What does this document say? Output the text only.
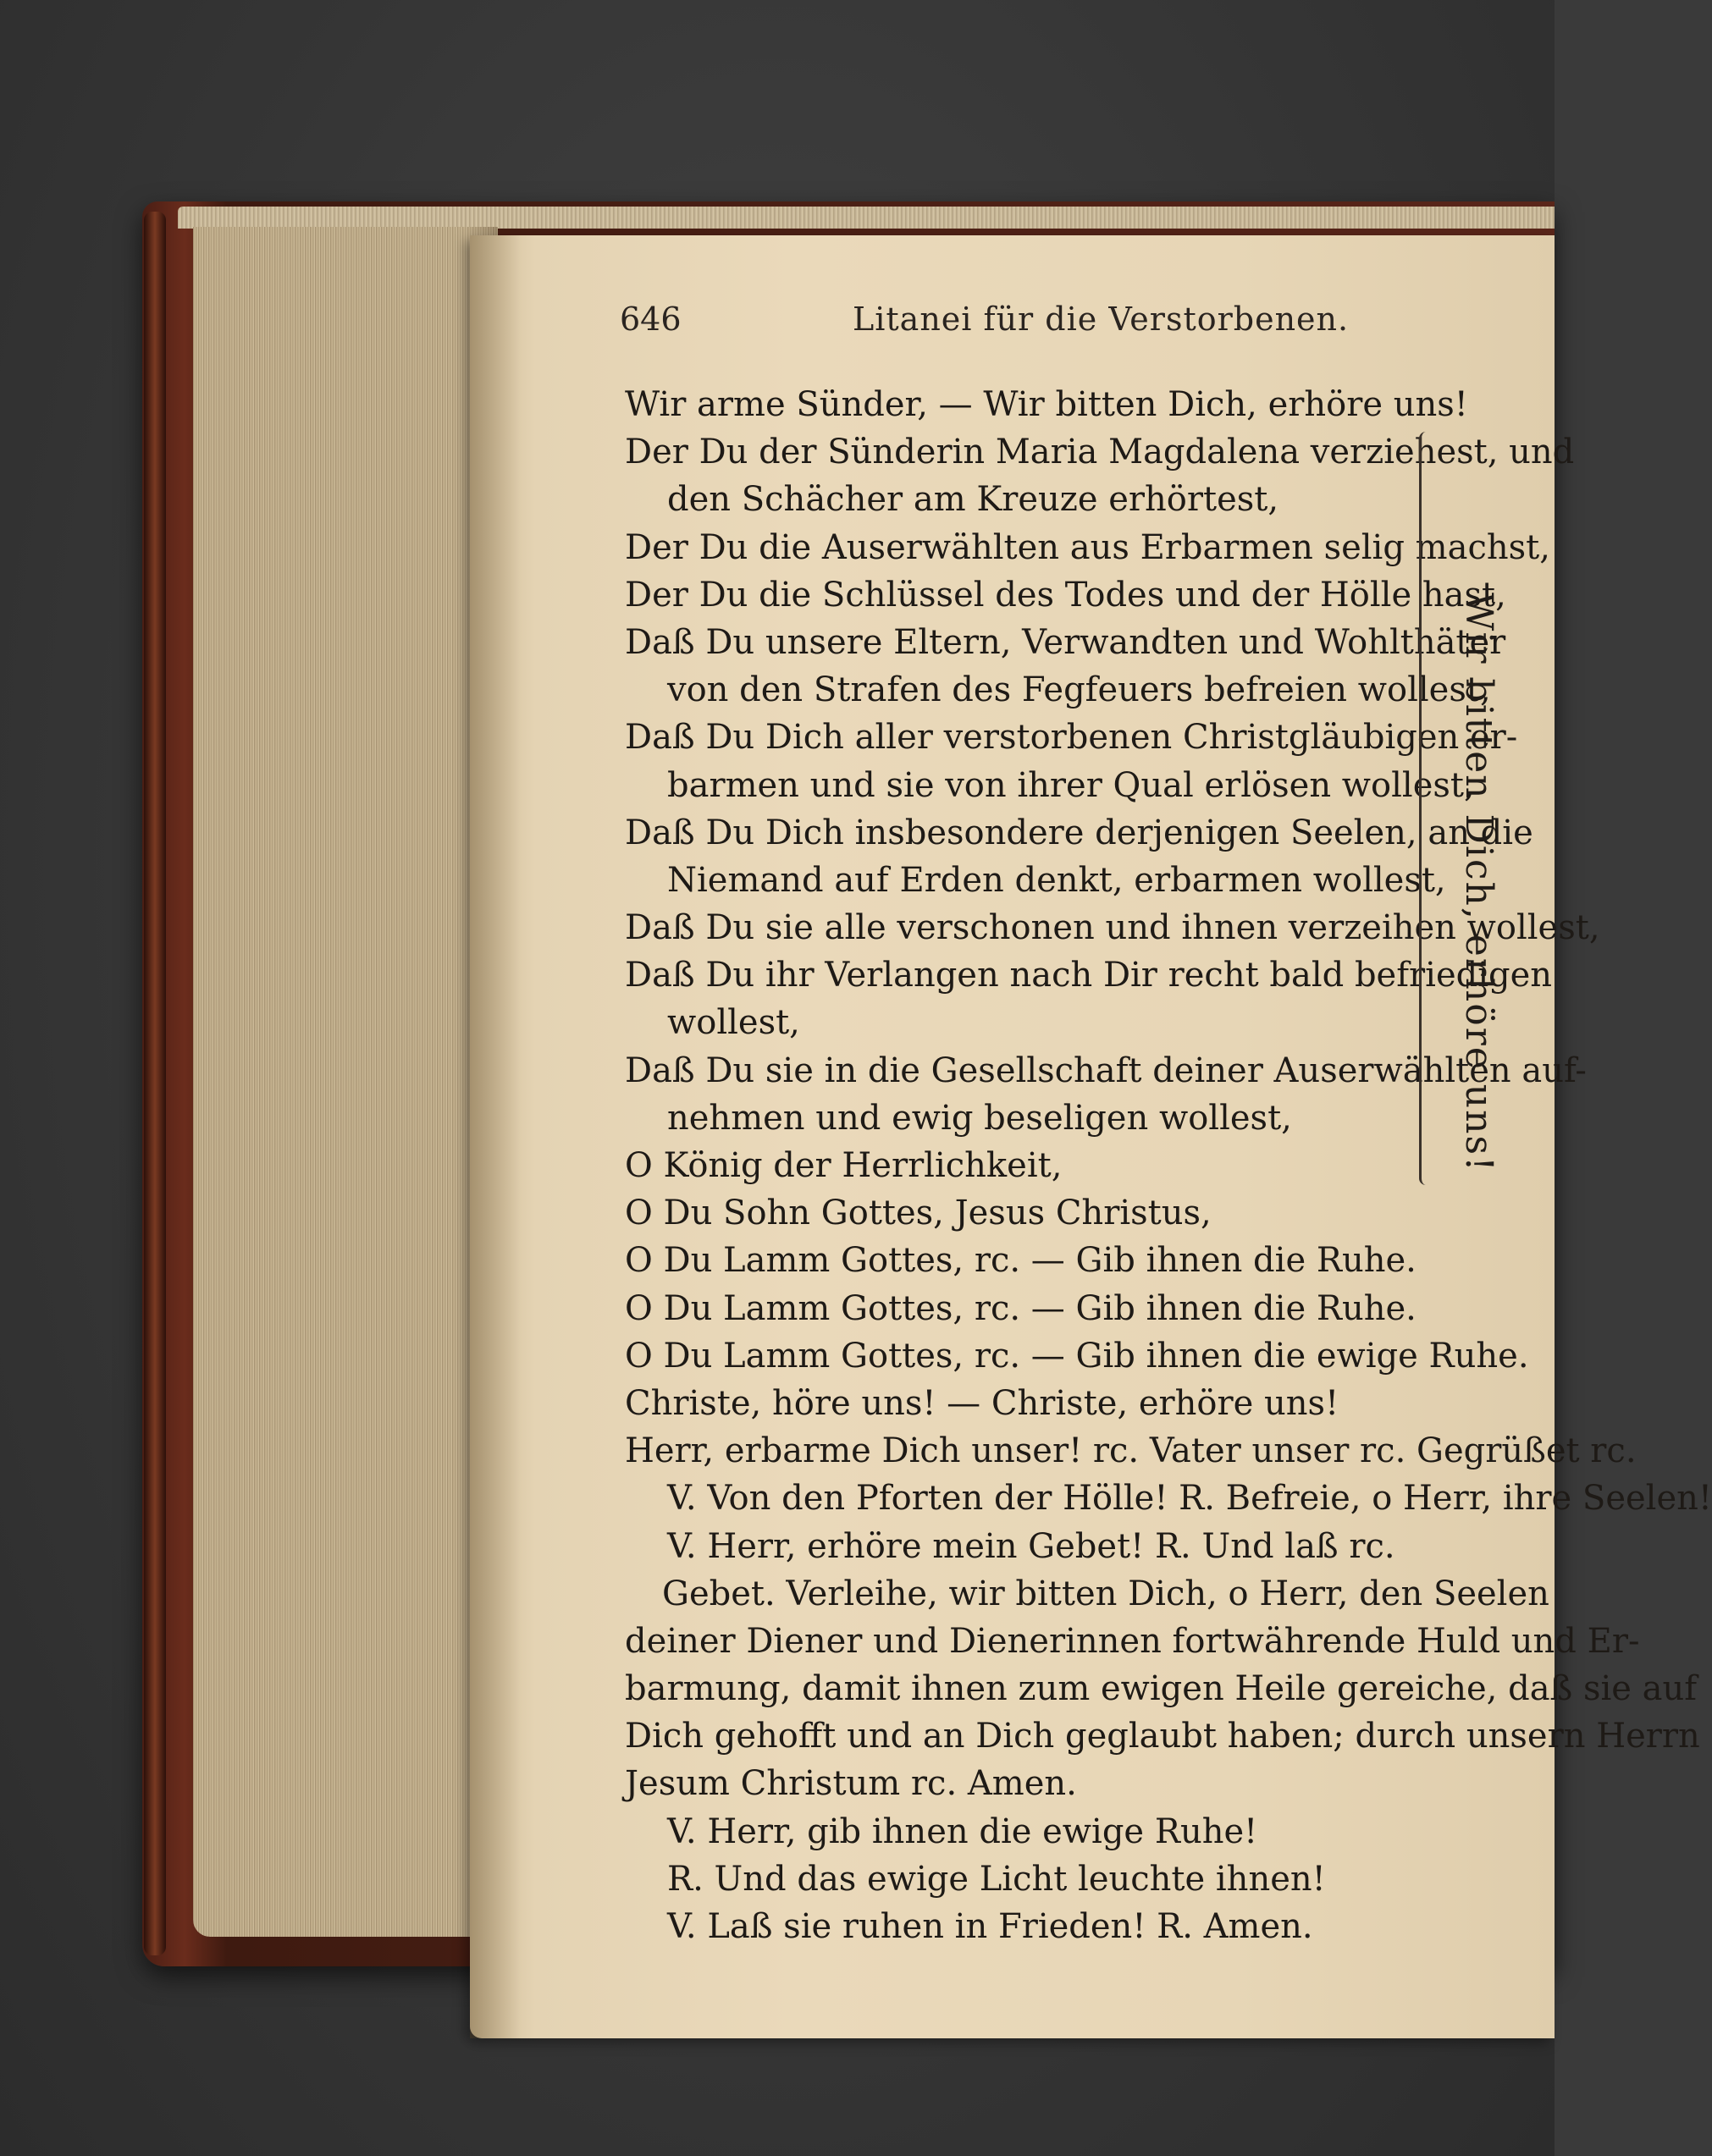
646	Litanei für die Verstorbenen.
Wir arme Sünder, — Wir bitten Dich, erhöre uns!
Der Du der Sünderin Maria Magdalena verziehest, und
den Schächer am Kreuze erhörtest,
Der Du die Auserwählten aus Erbarmen selig machst,
Der Du die Schlüssel des Todes und der Hölle hast,
Daß Du unsere Eltern, Verwandten und Wohlthäter
von den Strafen des Fegfeuers befreien wollest,
Daß Du Dich aller verstorbenen Christgläubigen er-
barmen und sie von ihrer Qual erlösen wollest,
Daß Du Dich insbesondere derjenigen Seelen, an die
Niemand auf Erden denkt, erbarmen wollest,
Daß Du sie alle verschonen und ihnen verzeihen wollest,
Daß Du ihr Verlangen nach Dir recht bald befriedigen
wollest,
Daß Du sie in die Gesellschaft deiner Auserwählten auf-
nehmen und ewig beseligen wollest,
O König der Herrlichkeit,
O Du Sohn Gottes, Jesus Christus,
O Du Lamm Gottes, rc. — Gib ihnen die Ruhe.
O Du Lamm Gottes, rc. — Gib ihnen die Ruhe.
O Du Lamm Gottes, rc. — Gib ihnen die ewige Ruhe.
Christe, höre uns! — Christe, erhöre uns!
Herr, erbarme Dich unser! rc. Vater unser rc. Gegrüßet rc.
V. Von den Pforten der Hölle! R. Befreie, o Herr, ihre Seelen!
V. Herr, erhöre mein Gebet! R. Und laß rc.
Gebet. Verleihe, wir bitten Dich, o Herr, den Seelen
deiner Diener und Dienerinnen fortwährende Huld und Er-
barmung, damit ihnen zum ewigen Heile gereiche, daß sie auf
Dich gehofft und an Dich geglaubt haben; durch unsern Herrn
Jesum Christum rc. Amen.
V. Herr, gib ihnen die ewige Ruhe!
R. Und das ewige Licht leuchte ihnen!
V. Laß sie ruhen in Frieden! R. Amen.
Wir bitten Dich, erhöre uns!
